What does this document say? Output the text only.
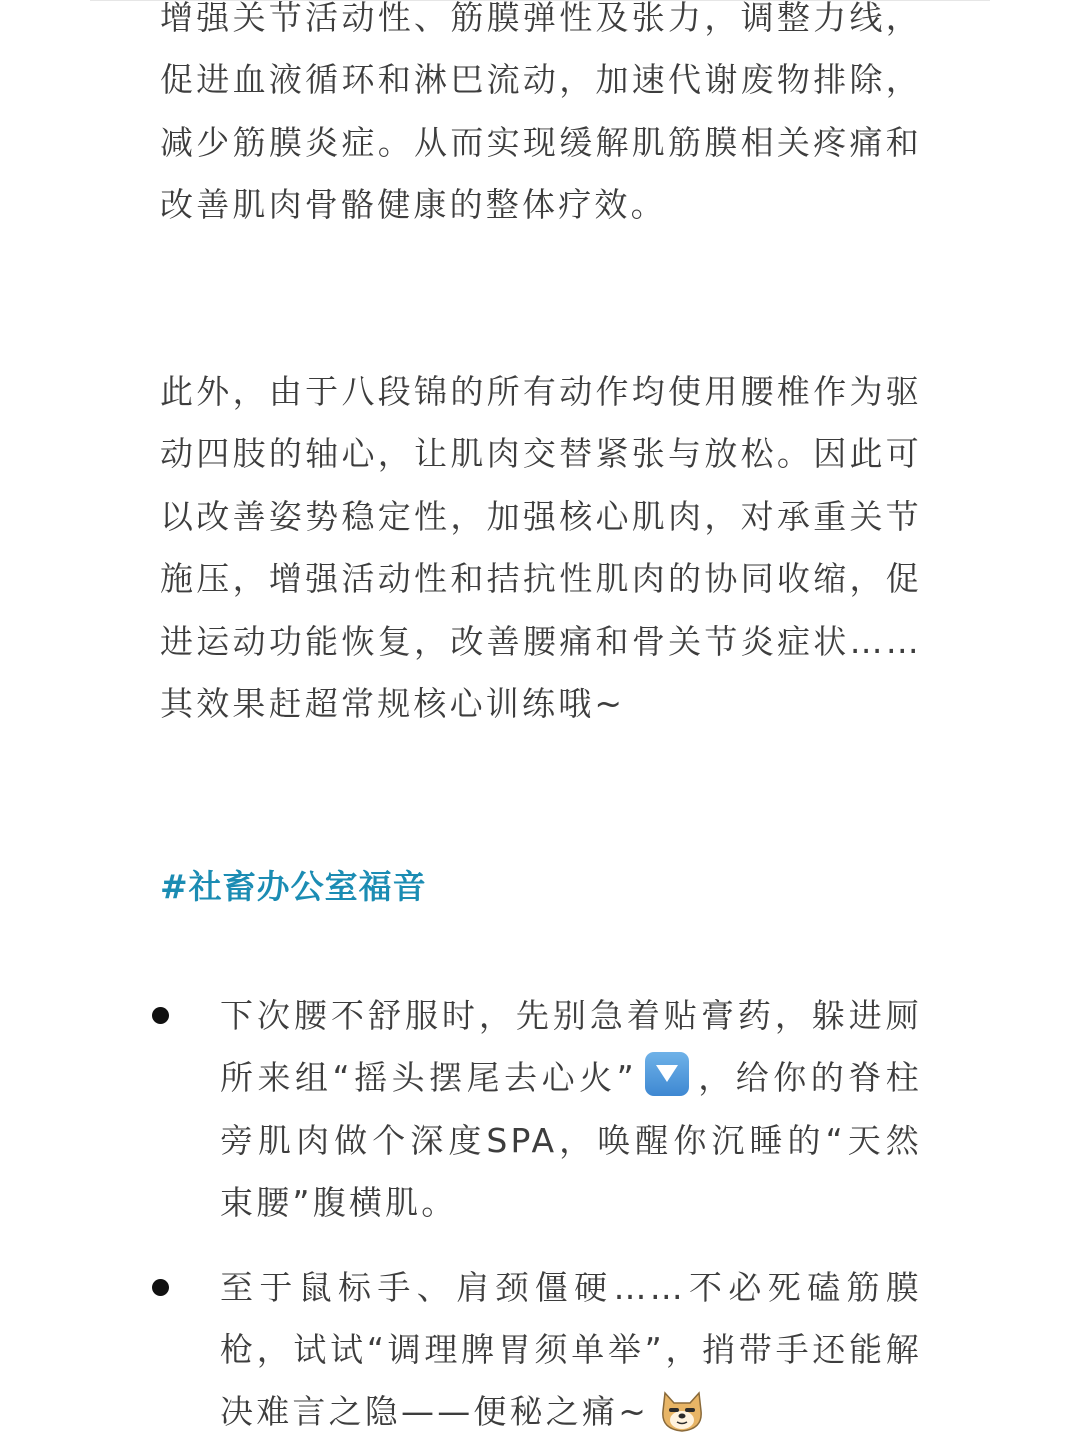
增强关节活动性、筋膜弹性及张力，调整力线，促进血液循环和淋巴流动，加速代谢废物排除，减少筋膜炎症。从而实现缓解肌筋膜相关疼痛和改善肌肉骨骼健康的整体疗效。

此外，由于八段锦的所有动作均使用腰椎作为驱动四肢的轴心，让肌肉交替紧张与放松。因此可以改善姿势稳定性，加强核心肌肉，对承重关节施压，增强活动性和拮抗性肌肉的协同收缩，促进运动功能恢复，改善腰痛和骨关节炎症状……其效果赶超常规核心训练哦~

#社畜办公室福音

下次腰不舒服时，先别急着贴膏药，躲进厕所来组“摇头摆尾去心火” ，给你的脊柱旁肌肉做个深度SPA，唤醒你沉睡的“天然束腰”腹横肌。
至于鼠标手、肩颈僵硬……不必死磕筋膜枪，试试“调理脾胃须单举”，捎带手还能解决难言之隐——便秘之痛~
